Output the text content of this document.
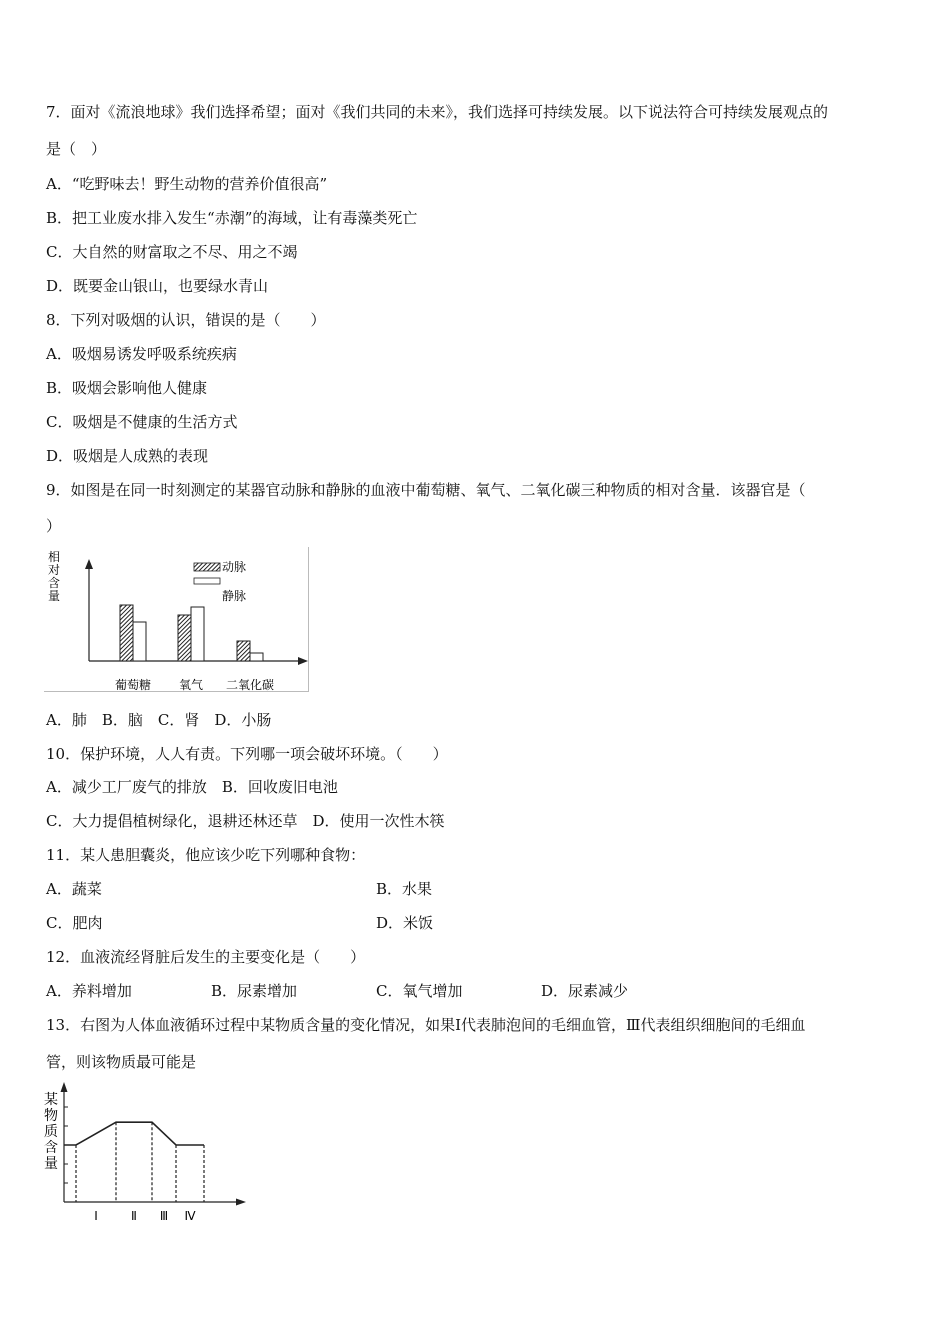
7．面对《流浪地球》我们选择希望；面对《我们共同的未来》，我们选择可持续发展。以下说法符合可持续发展观点的
是（　）
A．“吃野味去！野生动物的营养价值很高”
B．把工业废水排入发生“赤潮”的海域，让有毒藻类死亡
C．大自然的财富取之不尽、用之不竭
D．既要金山银山，也要绿水青山
8．下列对吸烟的认识，错误的是（　　）
A．吸烟易诱发呼吸系统疾病
B．吸烟会影响他人健康
C．吸烟是不健康的生活方式
D．吸烟是人成熟的表现
9．如图是在同一时刻测定的某器官动脉和静脉的血液中葡萄糖、氧气、二氧化碳三种物质的相对含量．该器官是（
）
相
对
含
量
动脉
静脉
葡萄糖 氧气 二氧化碳
A．肺　B．脑　C．肾　D．小肠
10．保护环境，人人有责。下列哪一项会破坏环境。（　　）
A．减少工厂废气的排放　B．回收废旧电池
C．大力提倡植树绿化，退耕还林还草　D．使用一次性木筷
11．某人患胆囊炎，他应该少吃下列哪种食物：
A．蔬菜	B．水果
C．肥肉	D．米饭
12．血液流经肾脏后发生的主要变化是（　　）
A．养料增加	B．尿素增加	C．氧气增加	D．尿素减少
13．右图为人体血液循环过程中某物质含量的变化情况，如果Ⅰ代表肺泡间的毛细血管，Ⅲ代表组织细胞间的毛细血
管，则该物质最可能是
某
物
质
含
量
Ⅰ	Ⅱ Ⅲ Ⅳ
